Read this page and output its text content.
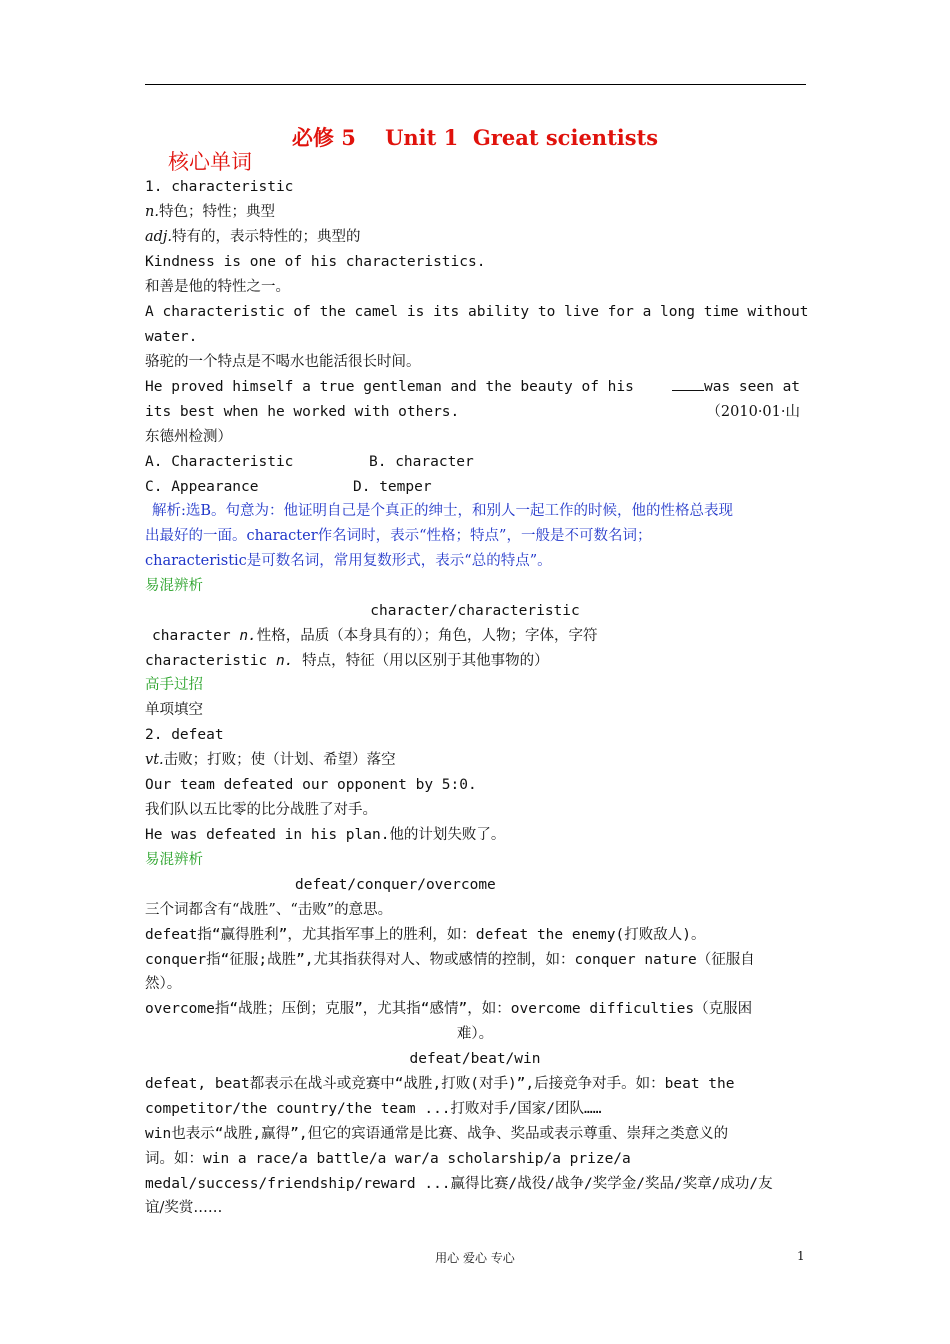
必修 5    Unit 1  Great scientists
核心单词
1. characteristic
n.特色；特性；典型
adj.特有的，表示特性的；典型的
Kindness is one of his characteristics.
和善是他的特性之一。
A characteristic of the camel is its ability to live for a long time without
water.
骆驼的一个特点是不喝水也能活很长时间。
He proved himself a true gentleman and the beauty of his	was seen at
its best when he worked with others.	（2010·01·山
东德州检测）
A. Characteristic	B. character
C. Appearance	D. temper
解析:选B。句意为：他证明自己是个真正的绅士，和别人一起工作的时候，他的性格总表现
出最好的一面。character作名词时，表示“性格；特点”，一般是不可数名词；
characteristic是可数名词，常用复数形式，表示“总的特点”。
易混辨析
character/characteristic
character n.性格，品质（本身具有的）；角色，人物；字体，字符
characteristic n. 特点，特征（用以区别于其他事物的）
高手过招
单项填空
2. defeat
vt.击败；打败；使（计划、希望）落空
Our team defeated our opponent by 5:0.
我们队以五比零的比分战胜了对手。
He was defeated in his plan.他的计划失败了。
易混辨析
defeat/conquer/overcome
三个词都含有“战胜”、“击败”的意思。
defeat指“赢得胜利”，尤其指军事上的胜利，如：defeat the enemy(打败敌人)。
conquer指“征服;战胜”,尤其指获得对人、物或感情的控制，如：conquer nature（征服自
然）。
overcome指“战胜；压倒；克服”，尤其指“感情”，如：overcome difficulties（克服困
难）。
defeat/beat/win
defeat, beat都表示在战斗或竞赛中“战胜,打败(对手)”,后接竞争对手。如：beat the
competitor/the country/the team ...打败对手/国家/团队……
win也表示“战胜,赢得”,但它的宾语通常是比赛、战争、奖品或表示尊重、崇拜之类意义的
词。如：win a race/a battle/a war/a scholarship/a prize/a
medal/success/friendship/reward ...赢得比赛/战役/战争/奖学金/奖品/奖章/成功/友
谊/奖赏……
用心 爱心 专心	1
